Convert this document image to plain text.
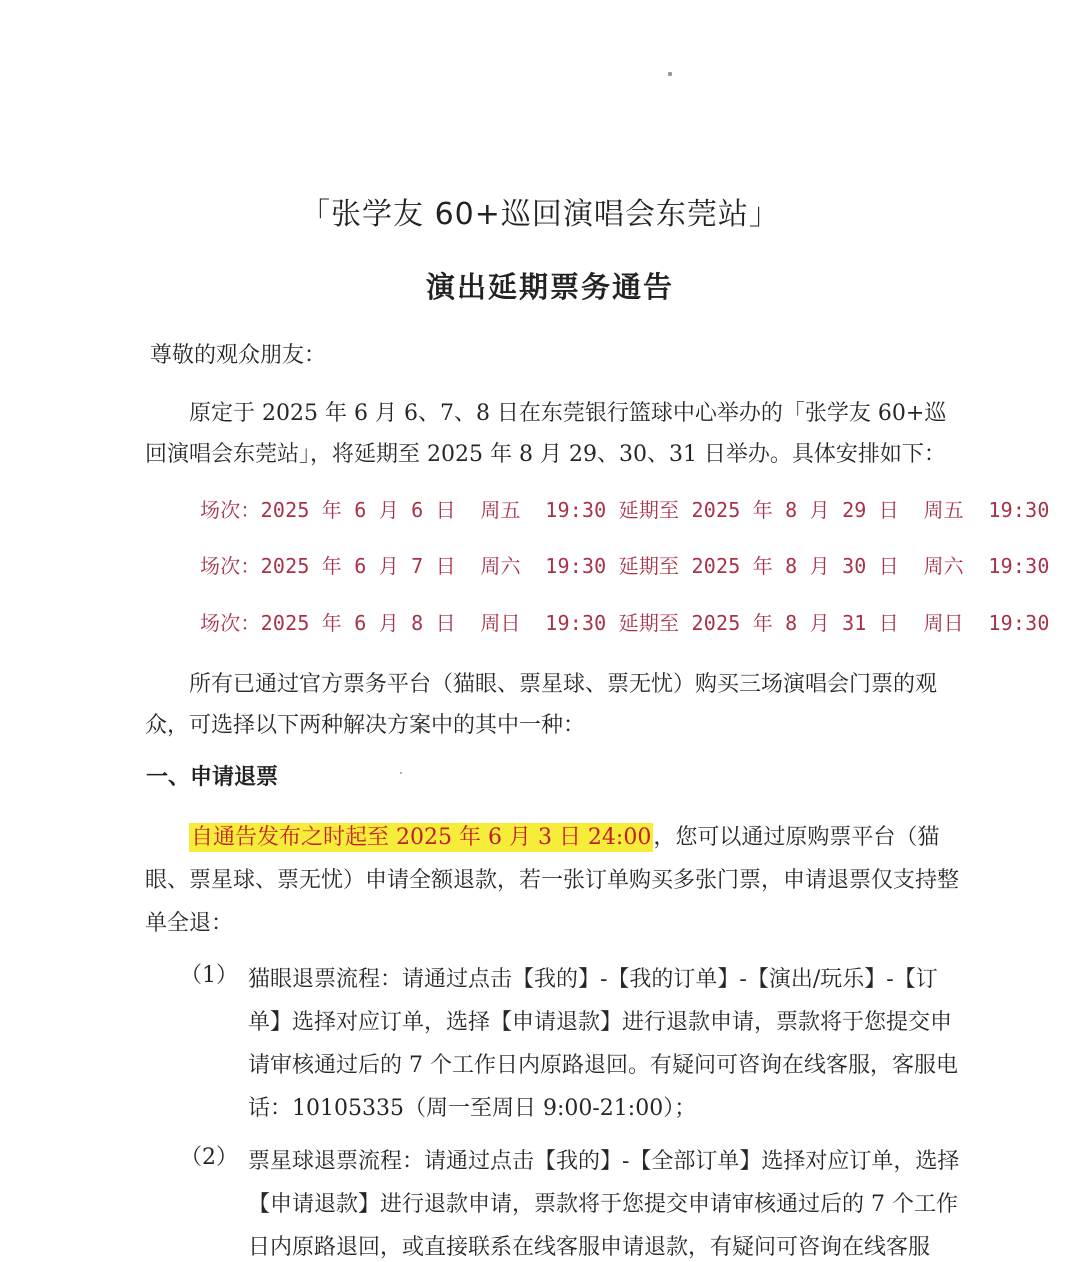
「张学友 60+巡回演唱会东莞站」
演出延期票务通告

尊敬的观众朋友：

原定于 2025 年 6 月 6、7、8 日在东莞银行篮球中心举办的「张学友 60+巡回演唱会东莞站」，将延期至 2025 年 8 月 29、30、31 日举办。具体安排如下：

场次：2025 年 6 月 6 日  周五  19:30 延期至 2025 年 8 月 29 日  周五  19:30
场次：2025 年 6 月 7 日  周六  19:30 延期至 2025 年 8 月 30 日  周六  19:30
场次：2025 年 6 月 8 日  周日  19:30 延期至 2025 年 8 月 31 日  周日  19:30

所有已通过官方票务平台（猫眼、票星球、票无忧）购买三场演唱会门票的观众，可选择以下两种解决方案中的其中一种：

一、申请退票

自通告发布之时起至 2025 年 6 月 3 日 24:00，您可以通过原购票平台（猫眼、票星球、票无忧）申请全额退款，若一张订单购买多张门票，申请退票仅支持整单全退：

（1） 猫眼退票流程：请通过点击【我的】-【我的订单】-【演出/玩乐】-【订单】选择对应订单，选择【申请退款】进行退款申请，票款将于您提交申请审核通过后的 7 个工作日内原路退回。有疑问可咨询在线客服，客服电话：10105335（周一至周日 9:00-21:00）；
（2） 票星球退票流程：请通过点击【我的】-【全部订单】选择对应订单，选择【申请退款】进行退款申请，票款将于您提交申请审核通过后的 7 个工作日内原路退回，或直接联系在线客服申请退款，有疑问可咨询在线客服
